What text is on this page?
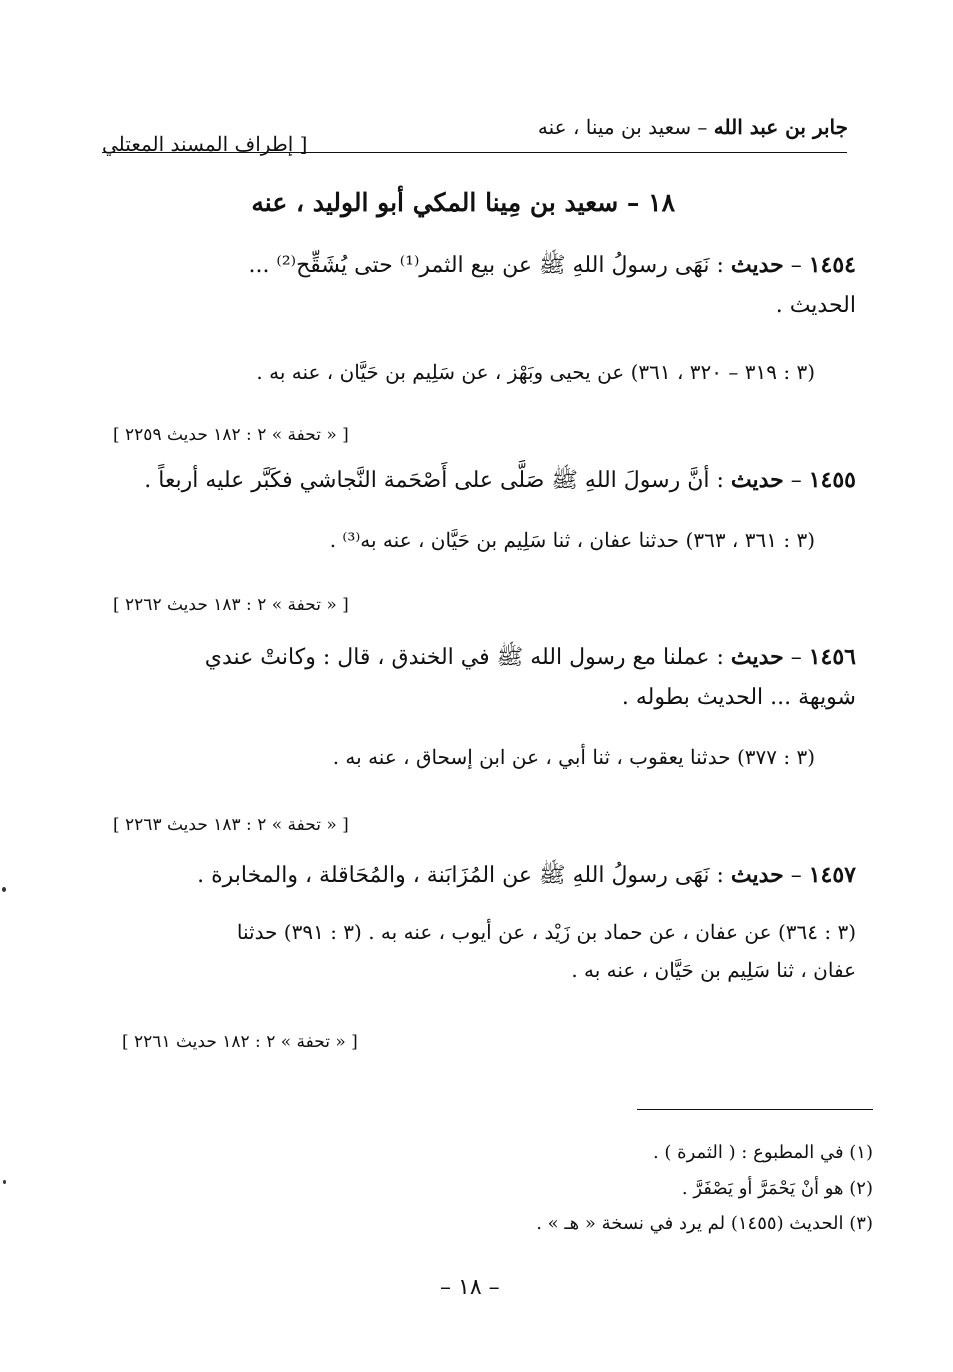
جابر بن عبد الله – سعيد بن مينا ، عنه
[ إطراف المسند المعتلي
١٨ – سعيد بن مِينا المكي أبو الوليد ، عنه
١٤٥٤ – حديث : نَهَى رسولُ اللهِ ﷺ عن بيع الثمر⁽¹⁾ حتى يُشَقِّح⁽²⁾ ...
الحديث .
(٣ : ٣١٩ – ٣٢٠ ، ٣٦١) عن يحيى وبَهْز ، عن سَلِيم بن حَيَّان ، عنه به .
[ « تحفة » ٢ : ١٨٢ حديث ٢٢٥٩ ]
١٤٥٥ – حديث : أنَّ رسولَ اللهِ ﷺ صَلَّى على أَصْحَمة النَّجاشي فكَبَّر عليه أربعاً .
(٣ : ٣٦١ ، ٣٦٣) حدثنا عفان ، ثنا سَلِيم بن حَيَّان ، عنه به⁽³⁾ .
[ « تحفة » ٢ : ١٨٣ حديث ٢٢٦٢ ]
١٤٥٦ – حديث : عملنا مع رسول الله ﷺ في الخندق ، قال : وكانتْ عندي
شويهة ... الحديث بطوله .
(٣ : ٣٧٧) حدثنا يعقوب ، ثنا أبي ، عن ابن إسحاق ، عنه به .
[ « تحفة » ٢ : ١٨٣ حديث ٢٢٦٣ ]
١٤٥٧ – حديث : نَهَى رسولُ اللهِ ﷺ عن المُزَابَنة ، والمُحَاقلة ، والمخابرة .
(٣ : ٣٦٤) عن عفان ، عن حماد بن زَيْد ، عن أيوب ، عنه به . (٣ : ٣٩١) حدثنا
عفان ، ثنا سَلِيم بن حَيَّان ، عنه به .
[ « تحفة » ٢ : ١٨٢ حديث ٢٢٦١ ]
(١) في المطبوع : ( الثمرة ) .
(٢) هو أنْ يَحْمَرَّ أو يَصْفَرَّ .
(٣) الحديث (١٤٥٥) لم يرد في نسخة « هـ » .
– ١٨ –
